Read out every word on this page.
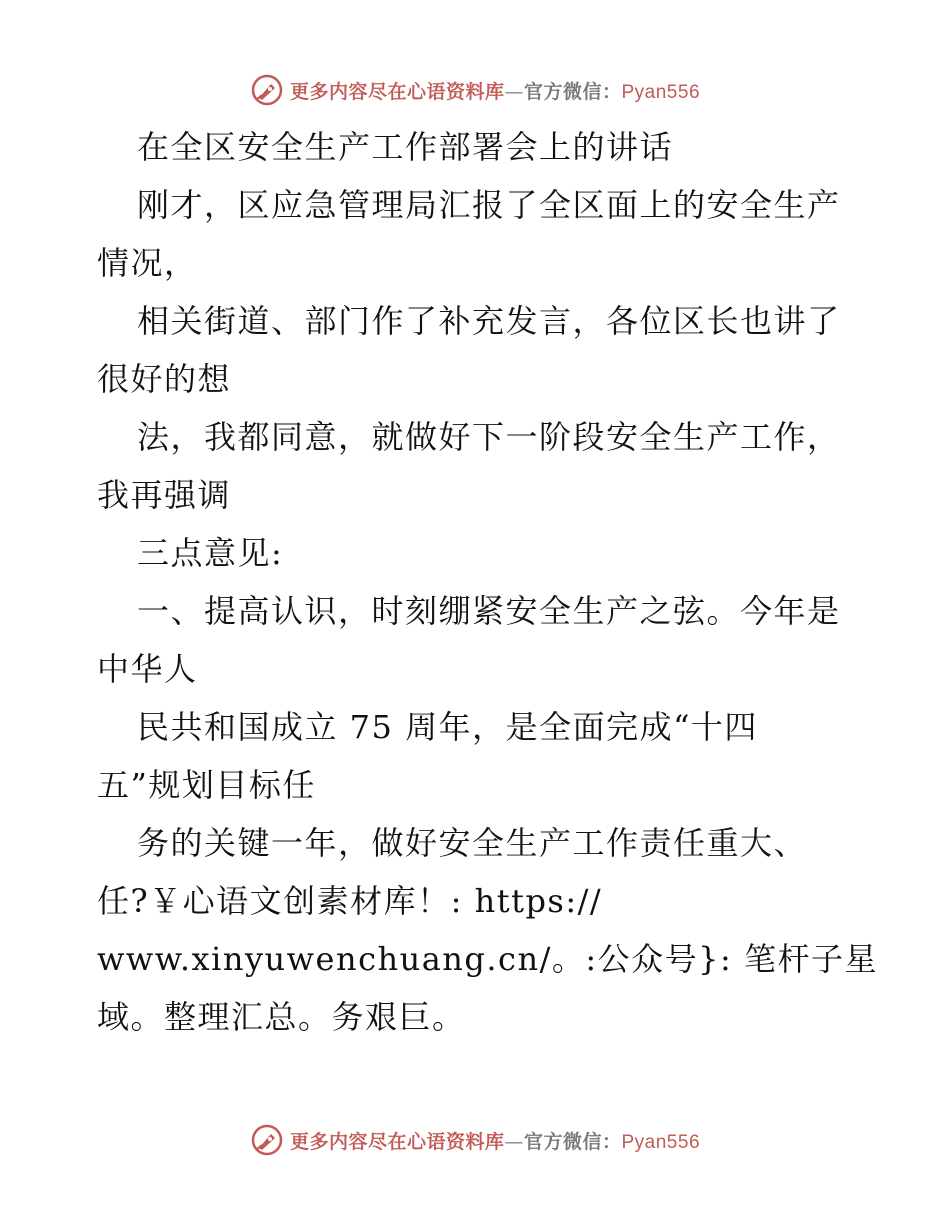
更多内容尽在心语资料库—官方微信：Pyan556
在全区安全生产工作部署会上的讲话
刚才，区应急管理局汇报了全区面上的安全生产
情况，
相关街道、部门作了补充发言，各位区长也讲了
很好的想
法，我都同意，就做好下一阶段安全生产工作，
我再强调
三点意见:
一、提高认识，时刻绷紧安全生产之弦。今年是
中华人
民共和国成立 75 周年，是全面完成“十四
五”规划目标任
务的关键一年，做好安全生产工作责任重大、
任?￥心语文创素材库！: https://
www.xinyuwenchuang.cn/。:公众号}: 笔杆子星
域。整理汇总。务艰巨。
更多内容尽在心语资料库—官方微信：Pyan556
